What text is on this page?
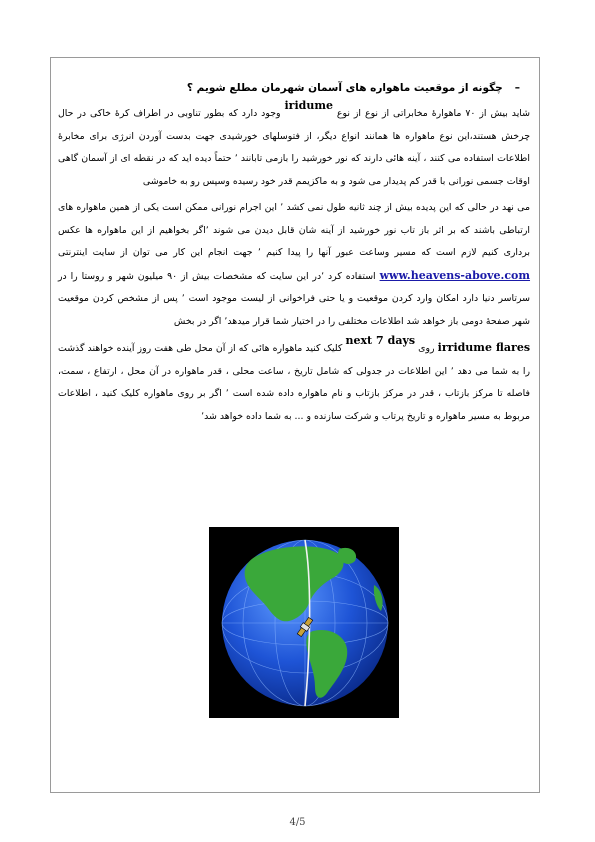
–چگونه از موقعیت ماهواره های آسمان شهرمان مطلع شویم ؟

شاید بیش از ۷۰ ماهوارهٔ مخابراتی از نوع از نوع iridume وجود دارد که بطور تناوبی در اطراف کرهٔ خاکی در حال چرخش هستند،این نوع ماهواره ها همانند انواع دیگر، از فتوسلهای خورشیدی جهت بدست آوردن انرژی برای مخابرهٔ اطلاعات استفاده می کنند ، آینه هائی دارند که نور خورشید را بازمی تابانند ٬ حتماً دیده اید که در نقطه ای از آسمان گاهی اوقات جسمی نورانی با قدر کم پدیدار می شود و به ماکزیمم قدر خود رسیده وسپس رو به خاموشی

می نهد در حالی که این پدیده بیش از چند ثانیه طول نمی کشد ٬ این اجرام نورانی ممکن است یکی از همین ماهواره های ارتباطی باشند که بر اثر باز تاب نور خورشید از آینه شان قابل دیدن می شوند ٬اگر بخواهیم از این ماهواره ها عکس برداری کنیم لازم است که مسیر وساعت عبور آنها را پیدا کنیم ٬ جهت انجام این کار می توان از سایت اینترنتی www.heavens-above.com استفاده کرد ٬در این سایت که مشخصات بیش از ۹۰ میلیون شهر و روستا را در سرتاسر دنیا دارد امکان وارد کردن موقعیت و یا حتی فراخوانی از لیست موجود است ٬ پس از مشخص کردن موقعیت شهر صفحهٔ دومی باز خواهد شد اطلاعات مختلفی را در اختیار شما قرار میدهد٬ اگر در بخش

irridume flares روی next 7 days کلیک کنید ماهواره هائی که از آن محل طی هفت روز آینده خواهند گذشت را به شما می دهد ٬ این اطلاعات در جدولی که شامل تاریخ ، ساعت محلی ، قدر ماهواره در آن محل ، ارتفاع ، سمت، فاصله تا مرکز بازتاب ، قدر در مرکز بازتاب و نام ماهواره داده شده است ٬ اگر بر روی ماهواره کلیک کنید ، اطلاعات مربوط به مسیر ماهواره و تاریخ پرتاب و شرکت سازنده و ... به شما داده خواهد شد٬

4/5
